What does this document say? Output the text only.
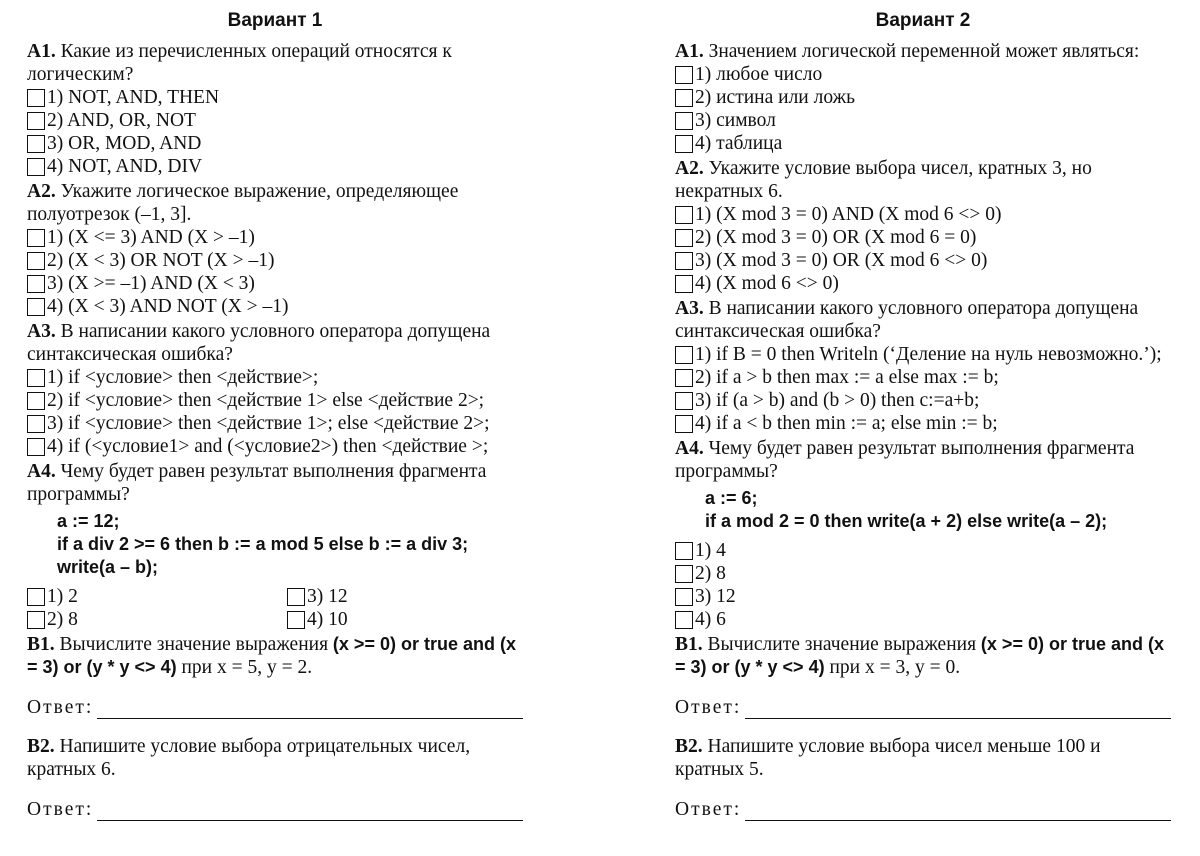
Вариант 1
A1. Какие из перечисленных операций относятся к логическим?
1) NOT, AND, THEN
2) AND, OR, NOT
3) OR, MOD, AND
4) NOT, AND, DIV
A2. Укажите логическое выражение, определяющее полуотрезок (–1, 3].
1) (X <= 3) AND (X > –1)
2) (X < 3) OR NOT (X > –1)
3) (X >= –1) AND (X < 3)
4) (X < 3) AND NOT (X > –1)
A3. В написании какого условного оператора допущена синтаксическая ошибка?
1) if <условие> then <действие>;
2) if <условие> then <действие 1> else <действие 2>;
3) if <условие> then <действие 1>; else <действие 2>;
4) if (<условие1> and (<условие2>) then <действие >;
A4. Чему будет равен результат выполнения фрагмента программы?
a := 12;
if a div 2 >= 6 then b := a mod 5 else b := a div 3;
write(a – b);
1) 2	3) 12
2) 8	4) 10
B1. Вычислите значение выражения (x >= 0) or true and (x = 3) or (y * y <> 4) при x = 5, y = 2.
Ответ:
B2. Напишите условие выбора отрицательных чисел, кратных 6.
Ответ:
Вариант 2
A1. Значением логической переменной может являться:
1) любое число
2) истина или ложь
3) символ
4) таблица
A2. Укажите условие выбора чисел, кратных 3, но некратных 6.
1) (X mod 3 = 0) AND (X mod 6 <> 0)
2) (X mod 3 = 0) OR (X mod 6 = 0)
3) (X mod 3 = 0) OR (X mod 6 <> 0)
4) (X mod 6 <> 0)
A3. В написании какого условного оператора допущена синтаксическая ошибка?
1) if B = 0 then Writeln (‘Деление на нуль невозможно.’);
2) if a > b then max := a else max := b;
3) if (a > b) and (b > 0) then c:=a+b;
4) if a < b then min := a; else min := b;
A4. Чему будет равен результат выполнения фрагмента программы?
a := 6;
if a mod 2 = 0 then write(a + 2) else write(a – 2);
1) 4
2) 8
3) 12
4) 6
B1. Вычислите значение выражения (x >= 0) or true and (x = 3) or (y * y <> 4) при x = 3, y = 0.
Ответ:
B2. Напишите условие выбора чисел меньше 100 и кратных 5.
Ответ:
